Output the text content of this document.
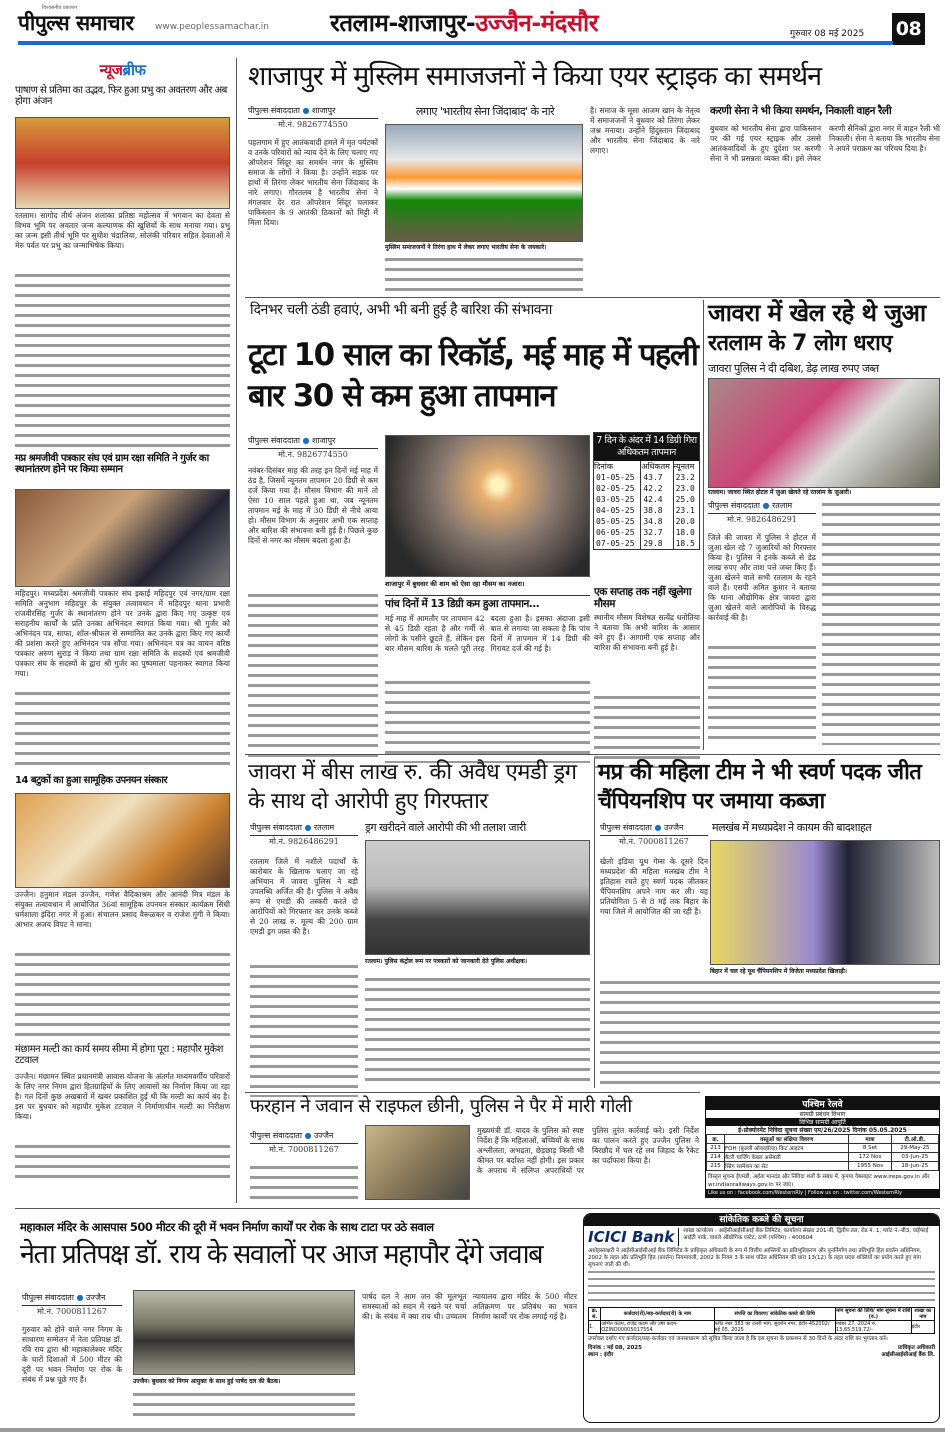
पीपुल्स समाचार
विश्वसनीय प्रकाशन
www.peoplessamachar.in	रतलाम-शाजापुर-उज्जैन-मंदसौर	गुरुवार 08 मई 2025 08
न्यूजब्रीफ
पाषाण से प्रतिमा का उद्भव, फिर हुआ प्रभु का अवतरण और अब होगा अंजन
रतलाम। सागोद तीर्थ अंजन शलाका प्रतिष्ठा महोत्सव में भगवान का देवता से विभव भूमि पर अवतार जन्म कल्याणक की खुशियों के साथ मनाया गया। प्रभु का जन्म इसी तीर्थ भूमि पर सुधीश चंडालिया, सोलंकी परिवार सहित देवताओं ने मेरु पर्वत पर प्रभु का जन्माभिषेक किया।
मप्र श्रमजीवी पत्रकार संघ एवं ग्राम रक्षा समिति ने गुर्जर का स्थानांतरण होने पर किया सम्मान
महिदपुर। मध्यप्रदेश श्रमजीवी पत्रकार संघ इकाई महिदपुर एवं नगर/ग्राम रक्षा समिति अनुभाग महिदपुर के संयुक्त तत्वावधान में महिदपुर थाना प्रभारी राजवीरसिंह गुर्जर के स्थानांतरण होने पर उनके द्वारा किए गए उत्कृष्ट एवं सराहनीय कार्यों के प्रति उनका अभिनंदन स्वागत किया गया। श्री गुर्जर को अभिनंदन पत्र, साफा, शॉल-श्रीफल से सम्मानित कर उनके द्वारा किए गए कार्यों की प्रशंसा करते हुए अभिनंदन पत्र सौंपा गया। अभिनंदन पत्र का वाचन वरिष्ठ पत्रकार अरुण सुराड़ ने किया तथा ग्राम रक्षा समिति के सदस्यों एवं श्रमजीवी पत्रकार संघ के सदस्यों के द्वारा श्री गुर्जर का पुष्पमाला पहनाकर स्वागत किया गया।
14 बटुकों का हुआ सामूहिक उपनयन संस्कार
उज्जैन। हनुमान मंडल उज्जैन, गणेश वैदिकाश्रम और आनंदी मित्र मंडल के संयुक्त तत्वावधान में आयोजित 36वां सामूहिक उपनयन संस्कार कार्यक्रम सिंधी धर्मशाला इंदिरा नगर में हुआ। संचालन प्रसाद वैरूळकर व राजेश गुंगी ने किया। आभार अजय विपट ने माना।
मंछामन मल्टी का कार्य समय सीमा में होगा पूरा : महापौर मुकेश टटवाल
उज्जैन। मंछामन स्थित प्रधानमंत्री आवास योजना के अंतर्गत मध्यमवर्गीय परिवारों के लिए नगर निगम द्वारा हितग्राहियों के लिए आवासों का निर्माण किया जा रहा है। गत दिनों कुछ अखबारों में खबर प्रकाशित हुई थी कि मल्टी का कार्य बंद है। इस पर बुधवार को महापौर मुकेश टटवाल ने निर्माणाधीन मल्टी का निरीक्षण किया।
शाजापुर में मुस्लिम समाजजनों ने किया एयर स्ट्राइक का समर्थन
पीपुल्स संवाददाता ● शाजापुर
मो.नं. 9826774550
पहलगाम में हुए आतंकवादी हमले में मृत पर्यटकों व उनके परिवारों को न्याय देने के लिए चलाए गए ऑपरेशन सिंदूर का समर्थन नगर के मुस्लिम समाज के लोगों ने किया है। उन्होंने सड़क पर हाथों में तिरंगा लेकर भारतीय सेना जिंदाबाद के नारे लगाए। गौरतलब है भारतीय सेना ने मंगलवार देर रात ऑपरेशन सिंदूर चलाकर पाकिस्तान के 9 आतंकी ठिकानों को मिट्टी में मिला दिया।
लगाए 'भारतीय सेना जिंदाबाद' के नारे
मुस्लिम समाजजनों ने तिरंगा हाथ में लेकर लगाए भारतीय सेना के जयकारे।
है। समाज के मूसा आजम खान के नेतृत्व में समाजजनों ने बुधवार को तिरंगा लेकर जश्न मनाया। उन्होंने हिंदुस्तान जिंदाबाद और भारतीय सेना जिंदाबाद के नारे लगाए।
करणी सेना ने भी किया समर्थन, निकाली वाहन रैली
बुधवार को भारतीय सेना द्वारा पाकिस्तान पर की गई एयर स्ट्राइक और उससे आतंकवादियों के हुए दुर्दशा पर करणी सेना ने भी प्रसन्नता व्यक्त की। इसे लेकर करणी सैनिकों द्वारा नगर में वाहन रैली भी निकाली। सेना ने बताया कि भारतीय सेना ने अपने पराक्रम का परिचय दिया है।
दिनभर चली ठंडी हवाएं, अभी भी बनी हुई है बारिश की संभावना
टूटा 10 साल का रिकॉर्ड, मई माह में पहली बार 30 से कम हुआ तापमान
पीपुल्स संवाददाता ● शाजापुर
मो.नं. 9826774550
नवंबर-दिसंबर माह की तरह इन दिनों मई माह में ठंड है, जिसमें न्यूनतम तापमान 20 डिग्री से कम दर्ज किया गया है। मौसम विभाग की मानें तो ऐसा 10 साल पहले हुआ था, जब न्यूनतम तापमान मई के माह में 30 डिग्री से नीचे आया हो। मौसम विभाग के अनुसार अभी एक सप्ताह और बारिश की संभावना बनी हुई है। पिछले कुछ दिनों से नगर का मौसम बदला हुआ है।
शाजापुर में बुधवार की शाम को ऐसा रहा मौसम का नजारा।
7 दिन के अंदर में 14 डिग्री गिरा अधिकतम तापमान
दिनांक	अधिकतम	न्यूनतम
01-05-25	43.7	23.2
02-05-25	42.2	23.0
03-05-25	42.4	25.0
04-05-25	38.8	23.1
05-05-25	34.8	20.0
06-05-25	32.7	18.0
07-05-25	29.8	18.5
पांच दिनों में 13 डिग्री कम हुआ तापमान...
मई माह में आमतौर पर तापमान 42 से 45 डिग्री रहता है और गर्मी से लोगों के पसीने छूटते हैं, लेकिन इस बार मौसम बारिश के चलते पूरी तरह बदला हुआ है। इसका अंदाजा इसी बात से लगाया जा सकता है कि पांच दिनों में तापमान में 14 डिग्री की गिरावट दर्ज की गई है।
एक सप्ताह तक नहीं खुलेगा मौसम
स्थानीय मौसम विशेषज्ञ सत्येंद्र धनोतिया ने बताया कि अभी बारिश के आसार बने हुए हैं। आगामी एक सप्ताह और बारिश की संभावना बनी हुई है।
जावरा में खेल रहे थे जुआ
रतलाम के 7 लोग धराए
जावरा पुलिस ने दी दबिश, डेढ़ लाख रुपए जब्त
रतलाम। जावरा स्थित होटल में जुआ खेलते रहे रतलाम के जुआरी।
पीपुल्स संवाददाता ● रतलाम
मो.नं. 9826486291
जिले की जावरा में पुलिस ने होटल में जुआ खेल रहे 7 जुआरियों को गिरफ्तार किया है। पुलिस ने इनके कब्जे से डेढ़ लाख रुपए और ताश पत्ते जब्त किए हैं। जुआ खेलने वाले सभी रतलाम के रहने वाले हैं। एसपी अमित कुमार ने बताया कि थाना औद्योगिक क्षेत्र जावरा द्वारा जुआ खेलने वाले आरोपियों के विरुद्ध कार्रवाई की है।
जावरा में बीस लाख रु. की अवैध एमडी ड्रग के साथ दो आरोपी हुए गिरफ्तार
पीपुल्स संवाददाता ● रतलाम
मो.नं. 9826486291
रतलाम जिले में नशीले पदार्थों के कारोबार के खिलाफ चलाए जा रहे अभियान में जावरा पुलिस ने बड़ी उपलब्धि अर्जित की है। पुलिस ने अवैध रूप से एमडी की तस्करी करते दो आरोपियों को गिरफ्तार कर उनके कब्जे से 20 लाख रु. मूल्य की 200 ग्राम एमडी ड्रग जब्त की है।
ड्रग खरीदने वाले आरोपी की भी तलाश जारी
रतलाम। पुलिस कंट्रोल रूम पर पत्रकारों को जानकारी देते पुलिस अधीक्षक।
मप्र की महिला टीम ने भी स्वर्ण पदक जीत चैंपियनशिप पर जमाया कब्जा
पीपुल्स संवाददाता ● उज्जैन
मो.नं. 7000811267
खेलो इंडिया यूथ गेम्स के दूसरे दिन मध्यप्रदेश की महिला मलखंब टीम ने इतिहास रचते हुए स्वर्ण पदक जीतकर चैंपियनशिप अपने नाम कर ली। यह प्रतियोगिता 5 से 8 मई तक बिहार के गया जिले में आयोजित की जा रही है।
मलखंब में मध्यप्रदेश ने कायम की बादशाहत
बिहार में चल रहे यूथ चैंपियनशिप में विजेता मध्यप्रदेश खिलाड़ी।
फरहान ने जवान से राइफल छीनी, पुलिस ने पैर में मारी गोली
पीपुल्स संवाददाता ● उज्जैन
मो.नं. 7000811267
मुख्यमंत्री डॉ. यादव के पुलिस को स्पष्ट निर्देश हैं कि महिलाओं, बच्चियों के साथ अश्लीलता, अभद्रता, छेड़छाड़ किसी भी कीमत पर बर्दाश्त नहीं होगी। इस प्रकार के अपराध में संलिप्त अपराधियों पर पुलिस तुरंत कार्रवाई करे। इसी निर्देश का पालन करते हुए उज्जैन पुलिस ने बिरछौद में चल रहे लव जिहाद के रैकेट का पर्दाफाश किया है।
पश्चिम रेलवे
सामग्री प्रबंधन विभाग
विभिन्न सामग्री आपूर्ति
ई-प्रोक्योरमेंट निविदा सूचना संख्या एम/26/2025 दिनांक 05.05.2025
क्र.	वस्तुओं का संक्षिप्त विवरण	मात्रा	टी.ओ.डी.
213	FOH (फ़ुल्ली ओवरहॉल्ड) किट आइटम	8 Set	29-May-25
214	बैटरी चार्जिंग केबल असेंबली	172 Nos	03-Jun-25
215	स्प्रिंग सस्पेंशन का सेट	1955 Nos	18-Jun-25
विस्तृत सूचना ईएमडी, अर्हता मानदंड और निविदा शर्तों के संबंध में, कृपया वेबसाइट www.ireps.gov.in और wr.indianrailways.gov.in पर जाएं।
Like us on : facebook.com/WesternRly | Follow us on : twitter.com/WesternRly
महाकाल मंदिर के आसपास 500 मीटर की दूरी में भवन निर्माण कार्यों पर रोक के साथ टाटा पर उठे सवाल
नेता प्रतिपक्ष डॉ. राय के सवालों पर आज महापौर देंगे जवाब
पीपुल्स संवाददाता ● उज्जैन
मो.नं. 7000811267
गुरुवार को होने वाले नगर निगम के साधारण सम्मेलन में नेता प्रतिपक्ष डॉ. रवि राय द्वारा श्री महाकालेश्वर मंदिर के चारों दिशाओं में 500 मीटर की दूरी पर भवन निर्माण पर रोक के संबंध में प्रश्न पूछे गए हैं।	उज्जैन। बुधवार को निगम आयुक्त के साथ हुई पार्षद दल की बैठक।
पार्षद दल ने आम जन की मूलभूत समस्याओं को सदन में रखने पर चर्चा की। के संबंध में क्या राय थी। उच्चतम न्यायालय द्वारा मंदिर के 500 मीटर अतिक्रमण पर प्रतिबंध का भवन निर्माण कार्यों पर रोक लगाई गई है।
सांकेतिक कब्जे की सूचना
ICICI Bank	शाखा कार्यालय : आईसीआईसीआई बैंक लिमिटेड, कार्यालय संख्या 201-बी, द्वितीय तल, रोड नं. 1, प्लॉट नं.-बी3, वाईफाई आईटी पार्क, वागले औद्योगिक एस्टेट, ठाणे (पश्चिम) - 400604
अधोहस्ताक्षरी ने आईसीआईसीआई बैंक लिमिटेड के प्राधिकृत अधिकारी के रूप में वित्तीय आस्तियों का प्रतिभूतिकरण और पुनर्निर्माण तथा प्रतिभूति हित प्रवर्तन अधिनियम, 2002 के तहत और प्रतिभूति हित (प्रवर्तन) नियमावली, 2002 के नियम 3 के साथ पठित अधिनियम की धारा 13(12) के तहत प्रदत्त शक्तियों का प्रयोग करते हुए मांग सूचनाएं जारी की थीं।
क्र. सं.	कर्जदार(रों)/सह-कर्जदार(रों) के नाम	संपत्ति का विवरण/ सांकेतिक कब्जे की तिथि	मांग सूचना की तिथि/ मांग सूचना में राशि (रु.)	शाखा का नाम
1.	अभित कदम, राजेंद्र कदम और उषा कदम- QZIND00005017554	प्लॉट नंबर 383 का उत्तरी भाग, सुदर्शन नगर, इंदौर-452002/ मई 05, 2025	नवंबर 27, 2024 रु. 13,65,519.72/-	इंदौर
उपरोक्त दर्शाए गए कर्जदार/सह-कर्जदार एवं जनसाधारण को सूचित किया जाता है कि इस सूचना के प्रकाशन से 30 दिनों के अंदर राशि का भुगतान करें।
दिनांक : मई 08, 2025
स्थान : इंदौर
प्राधिकृत अधिकारी
आईसीआईसीआई बैंक लि.
